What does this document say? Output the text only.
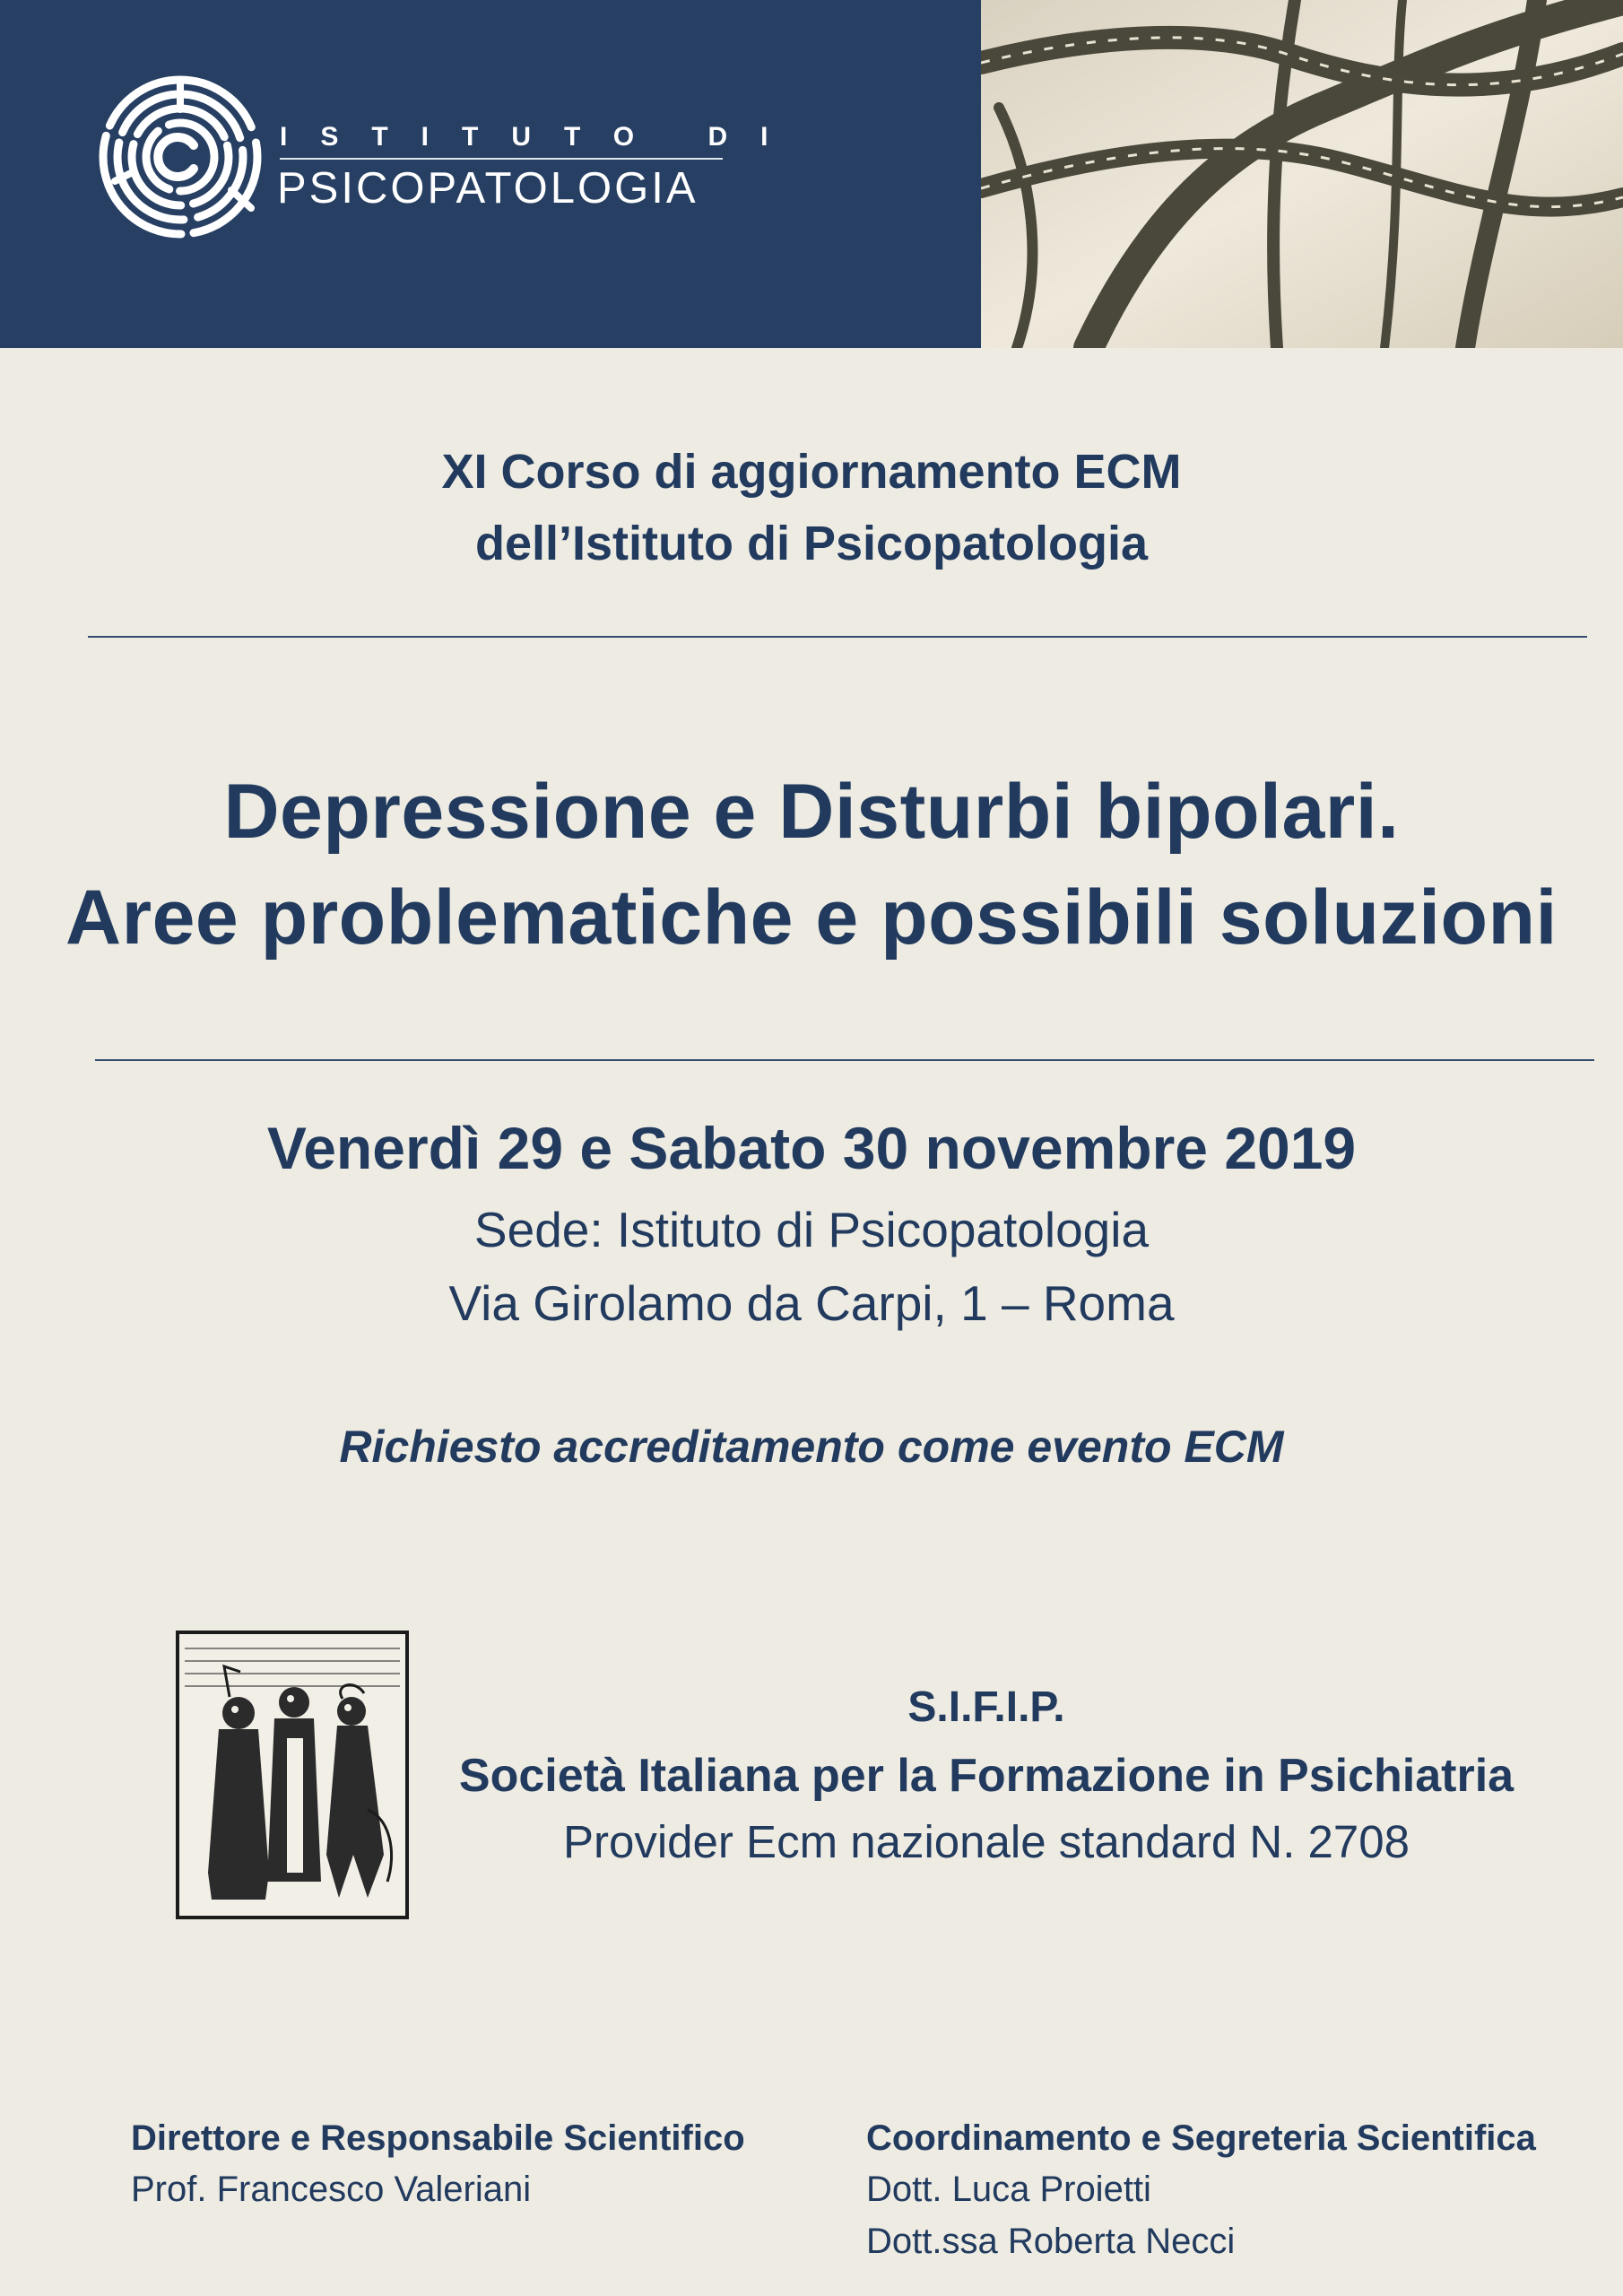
ISTITUTO DI
PSICOPATOLOGIA
XI Corso di aggiornamento ECM
dell’Istituto di Psicopatologia
Depressione e Disturbi bipolari.
Aree problematiche e possibili soluzioni
Venerdì 29 e Sabato 30 novembre 2019
Sede: Istituto di Psicopatologia
Via Girolamo da Carpi, 1 – Roma
Richiesto accreditamento come evento ECM
S.I.F.I.P.
Società Italiana per la Formazione in Psichiatria
Provider Ecm nazionale standard N. 2708
Direttore e Responsabile Scientifico
Prof. Francesco Valeriani
Coordinamento e Segreteria Scientifica
Dott. Luca Proietti
Dott.ssa Roberta Necci
